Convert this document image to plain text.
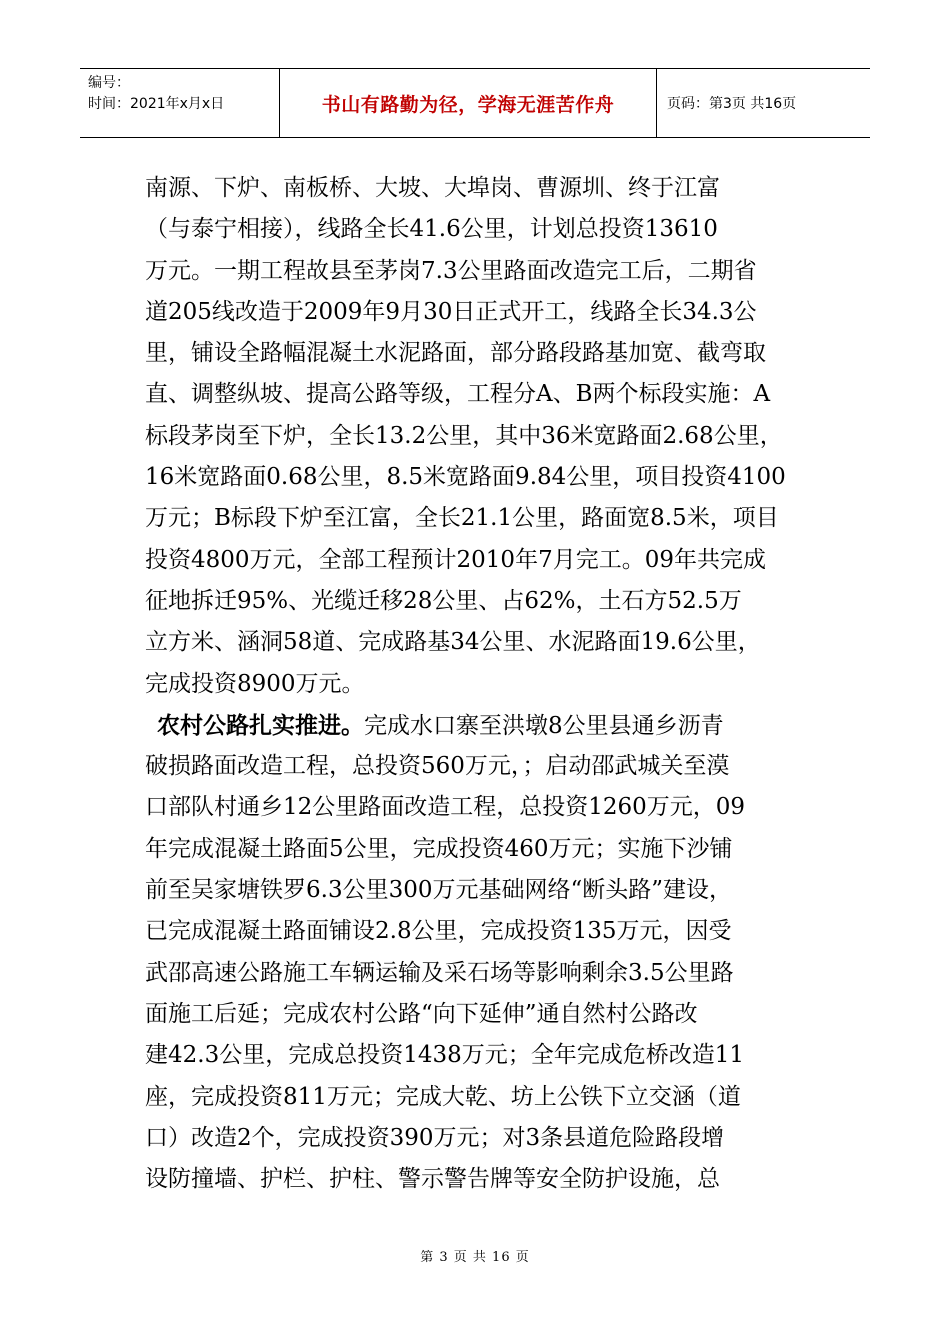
编号：
时间：2021年x月x日	书山有路勤为径，学海无涯苦作舟	页码：第3页 共16页
南源、下炉、南板桥、大坡、大埠岗、曹源圳、终于江富
（与泰宁相接），线路全长41.6公里，计划总投资13610
万元。一期工程故县至茅岗7.3公里路面改造完工后，二期省
道205线改造于2009年9月30日正式开工，线路全长34.3公
里，铺设全路幅混凝土水泥路面，部分路段路基加宽、截弯取
直、调整纵坡、提高公路等级，工程分A、B两个标段实施：A
标段茅岗至下炉，全长13.2公里，其中36米宽路面2.68公里，
16米宽路面0.68公里，8.5米宽路面9.84公里，项目投资4100
万元；B标段下炉至江富，全长21.1公里，路面宽8.5米，项目
投资4800万元，全部工程预计2010年7月完工。09年共完成
征地拆迁95%、光缆迁移28公里、占62%，土石方52.5万
立方米、涵洞58道、完成路基34公里、水泥路面19.6公里，
完成投资8900万元。
农村公路扎实推进。完成水口寨至洪墩8公里县通乡沥青
破损路面改造工程，总投资560万元，；启动邵武城关至漠
口部队村通乡12公里路面改造工程，总投资1260万元，09
年完成混凝土路面5公里，完成投资460万元；实施下沙铺
前至吴家塘铁罗6.3公里300万元基础网络“断头路”建设，
已完成混凝土路面铺设2.8公里，完成投资135万元，因受
武邵高速公路施工车辆运输及采石场等影响剩余3.5公里路
面施工后延；完成农村公路“向下延伸”通自然村公路改
建42.3公里，完成总投资1438万元；全年完成危桥改造11
座，完成投资811万元；完成大乾、坊上公铁下立交涵（道
口）改造2个，完成投资390万元；对3条县道危险路段增
设防撞墙、护栏、护柱、警示警告牌等安全防护设施，总
第 3 页 共 16 页
